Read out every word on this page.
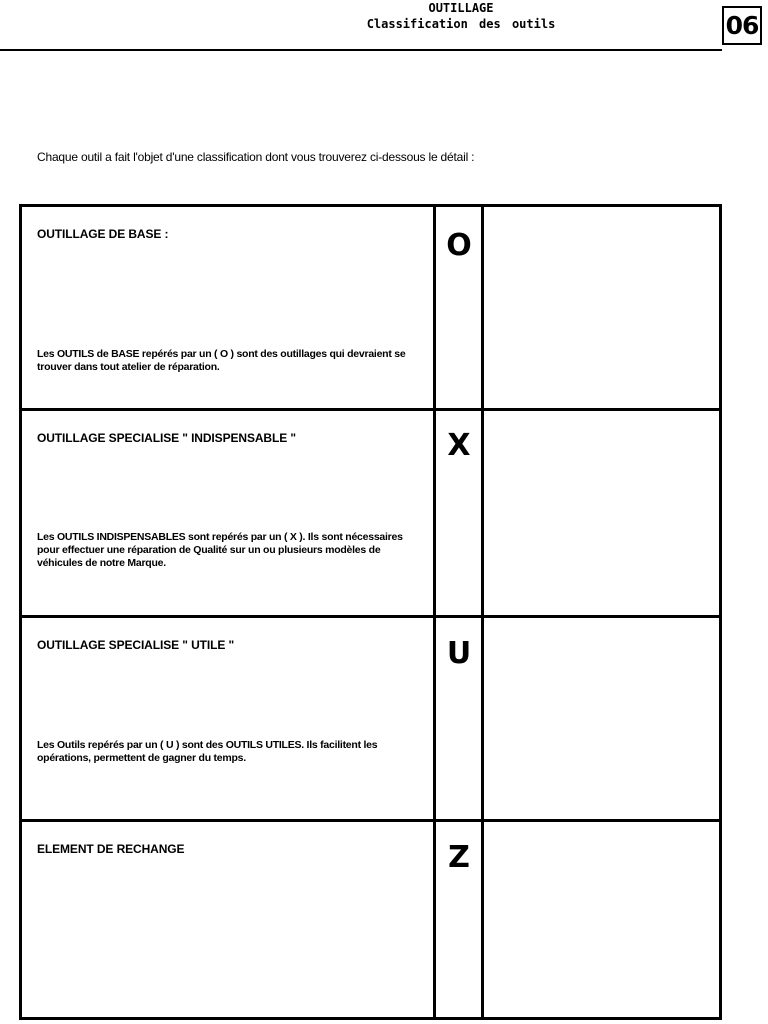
OUTILLAGE
Classification des outils	06
Chaque outil a fait l'objet d'une classification dont vous trouverez ci-dessous le détail :
OUTILLAGE DE BASE :	O
Les OUTILS de BASE repérés par un ( O ) sont des outillages qui devraient se trouver dans tout atelier de réparation.
OUTILLAGE SPECIALISE " INDISPENSABLE "	X
Les OUTILS INDISPENSABLES sont repérés par un ( X ). Ils sont nécessaires pour effectuer une réparation de Qualité sur un ou plusieurs modèles de véhicules de notre Marque.
OUTILLAGE SPECIALISE " UTILE "	U
Les Outils repérés par un ( U ) sont des OUTILS UTILES. Ils facilitent les opérations, permettent de gagner du temps.
ELEMENT DE RECHANGE	Z
